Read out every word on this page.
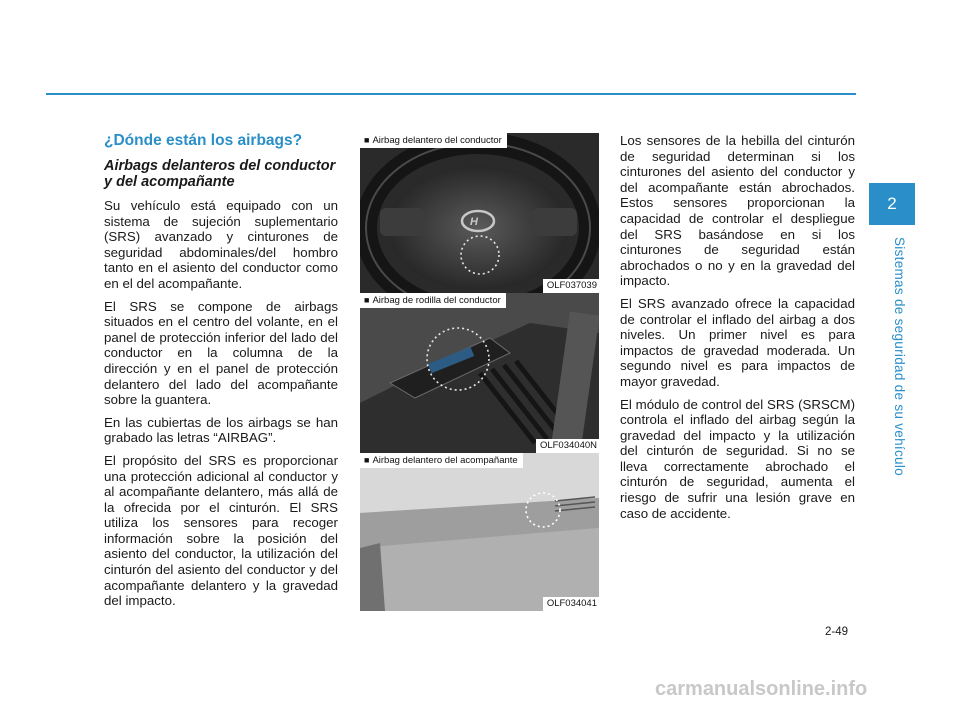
¿Dónde están los airbags?
Airbags delanteros del conductor y del acompañante

Su vehículo está equipado con un sistema de sujeción suplementario (SRS) avanzado y cinturones de seguridad abdominales/del hombro tanto en el asiento del conductor como en el del acompañante.

El SRS se compone de airbags situados en el centro del volante, en el panel de protección inferior del lado del conductor en la columna de la dirección y en el panel de protección delantero del lado del acompañante sobre la guantera.

En las cubiertas de los airbags se han grabado las letras “AIRBAG”.

El propósito del SRS es proporcionar una protección adicional al conductor y al acompañante delantero, más allá de la ofrecida por el cinturón. El SRS utiliza los sensores para recoger información sobre la posición del asiento del conductor, la utilización del cinturón del asiento del conductor y del acompañante delantero y la gravedad del impacto.

H
■ Airbag delantero del conductor
OLF037039
■ Airbag de rodilla del conductor
OLF034040N
■ Airbag delantero del acompañante
OLF034041

Los sensores de la hebilla del cinturón de seguridad determinan si los cinturones del asiento del conductor y del acompañante están abrochados. Estos sensores proporcionan la capacidad de controlar el despliegue del SRS basándose en si los cinturones de seguridad están abrochados o no y en la gravedad del impacto.

El SRS avanzado ofrece la capacidad de controlar el inflado del airbag a dos niveles. Un primer nivel es para impactos de gravedad moderada. Un segundo nivel es para impactos de mayor gravedad.

El módulo de control del SRS (SRSCM) controla el inflado del airbag según la gravedad del impacto y la utilización del cinturón de seguridad. Si no se lleva correctamente abrochado el cinturón de seguridad, aumenta el riesgo de sufrir una lesión grave en caso de accidente.

2
Sistemas de seguridad de su vehículo
2-49
carmanualsonline.info
